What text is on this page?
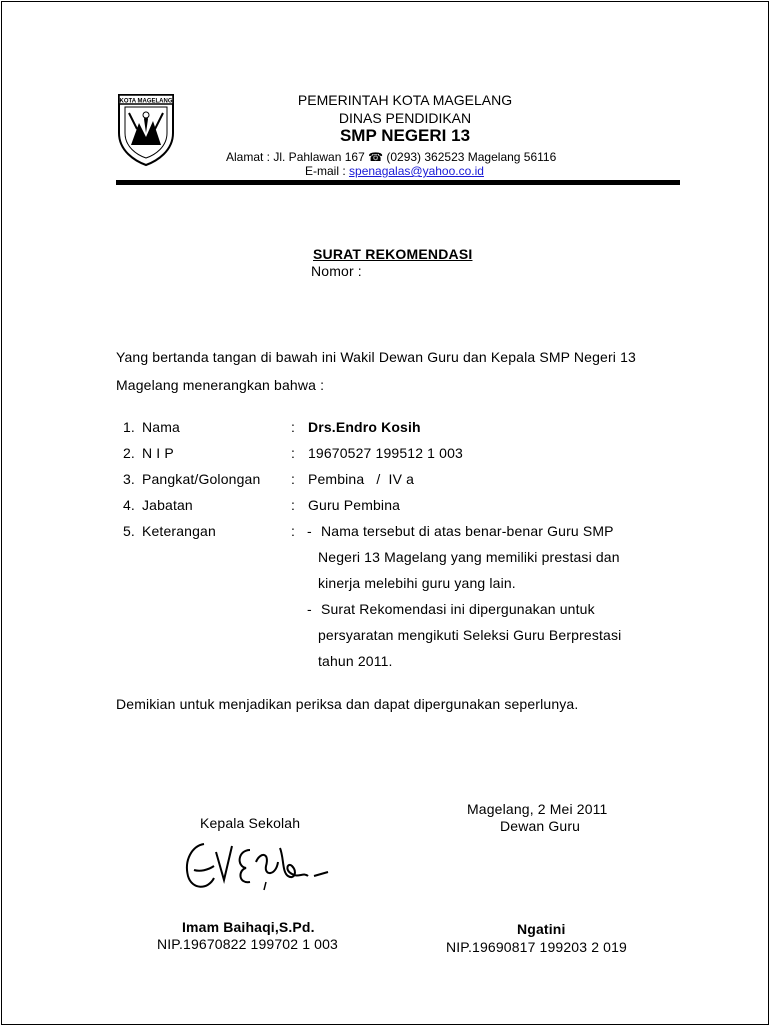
KOTA MAGELANG	PEMERINTAH KOTA MAGELANG
DINAS PENDIDIKAN
SMP NEGERI 13
Alamat : Jl. Pahlawan 167 ☎ (0293) 362523 Magelang 56116
E-mail : spenagalas@yahoo.co.id
SURAT REKOMENDASI
Nomor :
Yang bertanda tangan di bawah ini Wakil Dewan Guru dan Kepala SMP Negeri 13
Magelang menerangkan bahwa :
1. Nama	: Drs.Endro Kosih
2. N I P	: 19670527 199512 1 003
3. Pangkat/Golongan : Pembina   /  IV a
4. Jabatan	: Guru Pembina
5. Keterangan	: - Nama tersebut di atas benar-benar Guru SMP
Negeri 13 Magelang yang memiliki prestasi dan
kinerja melebihi guru yang lain.
- Surat Rekomendasi ini dipergunakan untuk
persyaratan mengikuti Seleksi Guru Berprestasi
tahun 2011.
Demikian untuk menjadikan periksa dan dapat dipergunakan seperlunya.
Kepala Sekolah
Imam Baihaqi,S.Pd.
NIP.19670822 199702 1 003
Magelang, 2 Mei 2011
Dewan Guru
Ngatini
NIP.19690817 199203 2 019
